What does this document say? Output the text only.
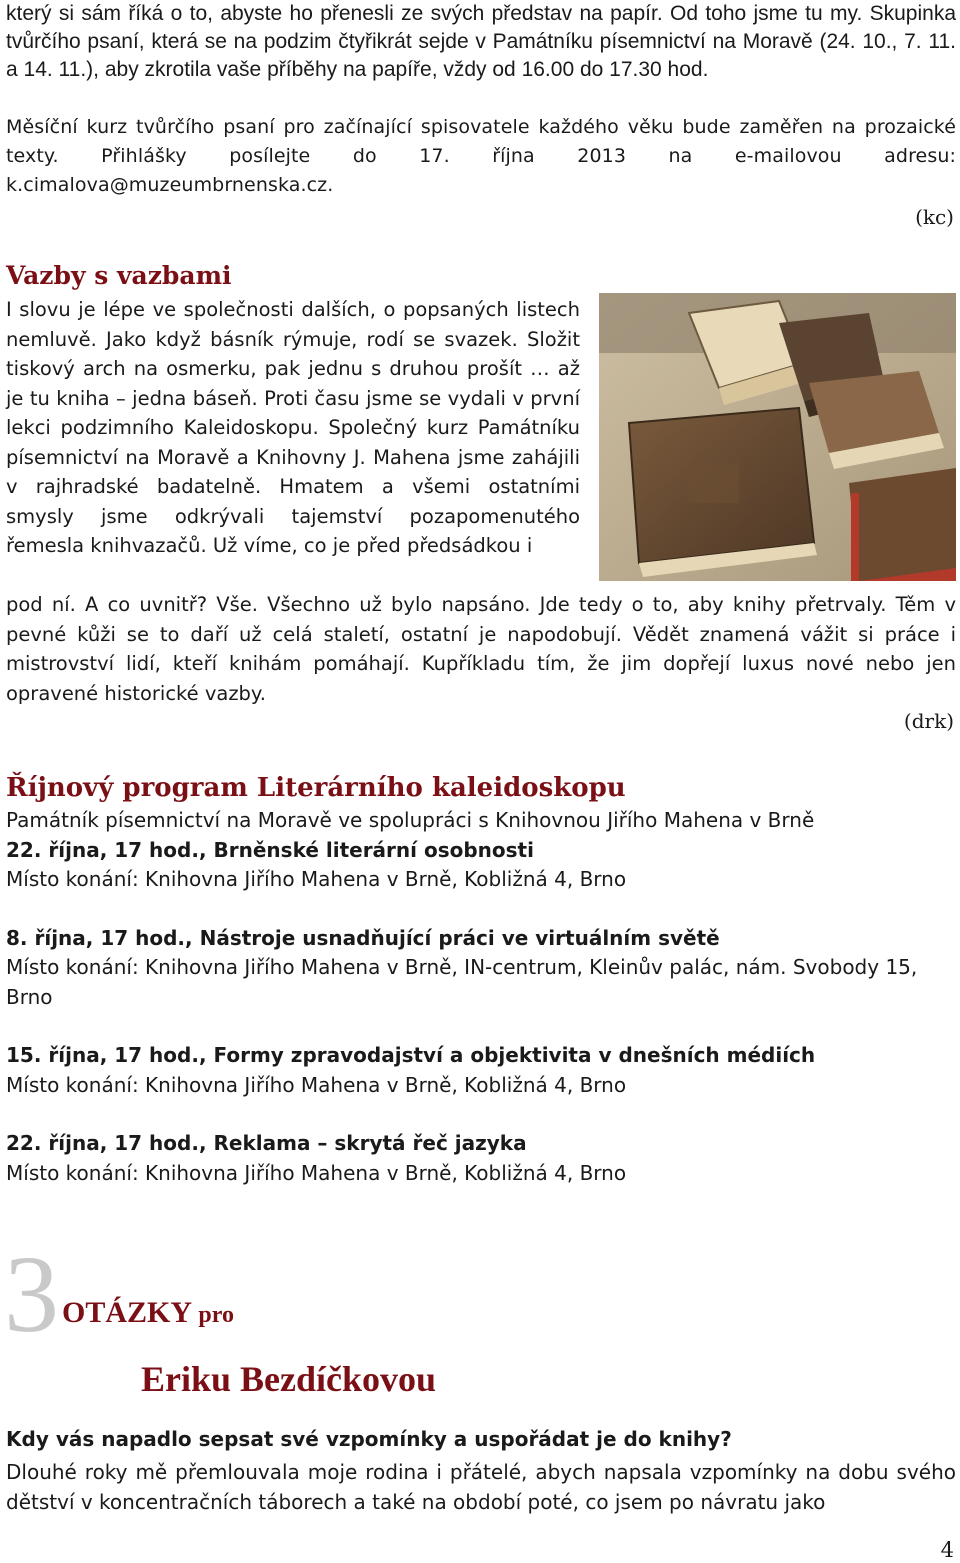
který si sám říká o to, abyste ho přenesli ze svých představ na papír. Od toho jsme tu my. Skupinka tvůrčího psaní, která se na podzim čtyřikrát sejde v Památníku písemnictví na Moravě (24. 10., 7. 11. a 14. 11.), aby zkrotila vaše příběhy na papíře, vždy od 16.00 do 17.30 hod.
Měsíční kurz tvůrčího psaní pro začínající spisovatele každého věku bude zaměřen na prozaické texty. Přihlášky posílejte do 17. října 2013 na e-mailovou adresu: k.cimalova@muzeumbrnenska.cz.
(kc)
Vazby s vazbami
I slovu je lépe ve společnosti dalších, o popsaných listech nemluvě. Jako když básník rýmuje, rodí se svazek. Složit tiskový arch na osmerku, pak jednu s druhou prošít … až je tu kniha – jedna báseň. Proti času jsme se vydali v první lekci podzimního Kaleidoskopu. Společný kurz Památníku písemnictví na Moravě a Knihovny J. Mahena jsme zahájili v rajhradské badatelně. Hmatem a všemi ostatními smysly jsme odkrývali tajemství pozapomenutého řemesla knihvazačů. Už víme, co je před předsádkou i
pod ní. A co uvnitř? Vše. Všechno už bylo napsáno. Jde tedy o to, aby knihy přetrvaly. Těm v pevné kůži se to daří už celá staletí, ostatní je napodobují. Vědět znamená vážit si práce i mistrovství lidí, kteří knihám pomáhají. Kupříkladu tím, že jim dopřejí luxus nové nebo jen opravené historické vazby.
(drk)
Říjnový program Literárního kaleidoskopu

Památník písemnictví na Moravě ve spolupráci s Knihovnou Jiřího Mahena v Brně

22. října, 17 hod., Brněnské literární osobnosti

Místo konání: Knihovna Jiřího Mahena v Brně, Kobližná 4, Brno

8. října, 17 hod., Nástroje usnadňující práci ve virtuálním světě

Místo konání: Knihovna Jiřího Mahena v Brně, IN-centrum, Kleinův palác, nám. Svobody 15, Brno

15. října, 17 hod., Formy zpravodajství a objektivita v dnešních médiích

Místo konání: Knihovna Jiřího Mahena v Brně, Kobližná 4, Brno

22. října, 17 hod., Reklama – skrytá řeč jazyka

Místo konání: Knihovna Jiřího Mahena v Brně, Kobližná 4, Brno

3 OTÁZKY pro
Eriku Bezdíčkovou
Kdy vás napadlo sepsat své vzpomínky a uspořádat je do knihy?
Dlouhé roky mě přemlouvala moje rodina i přátelé, abych napsala vzpomínky na dobu svého dětství v koncentračních táborech a také na období poté, co jsem po návratu jako
4
